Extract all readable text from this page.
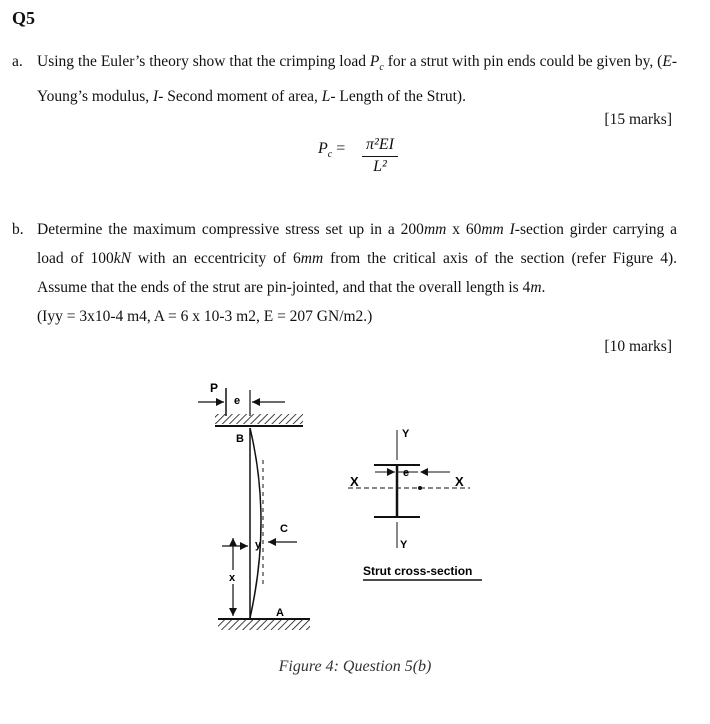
Q5
a. Using the Euler’s theory show that the crimping load $P_c$ for a strut with pin ends could be given by, (E- Young’s modulus, I- Second moment of area, L- Length of the Strut).
[15 marks]
$P_c = \frac{\text{π²EI}}{\text{L²}}$
b. Determine the maximum compressive stress set up in a 200mm x 60mm I-section girder carrying a load of 100kN with an eccentricity of 6mm from the critical axis of the section (refer Figure 4). Assume that the ends of the strut are pin-jointed, and that the overall length is 4m.
(Iyy = 3x10-4 m4, A = 6 x 10-3 m2, E = 207 GN/m2.)
[10 marks]
P
e
B
C
y
x
A
Y
Y
X	X
e
Strut cross-section
Figure 4: Question 5(b)
